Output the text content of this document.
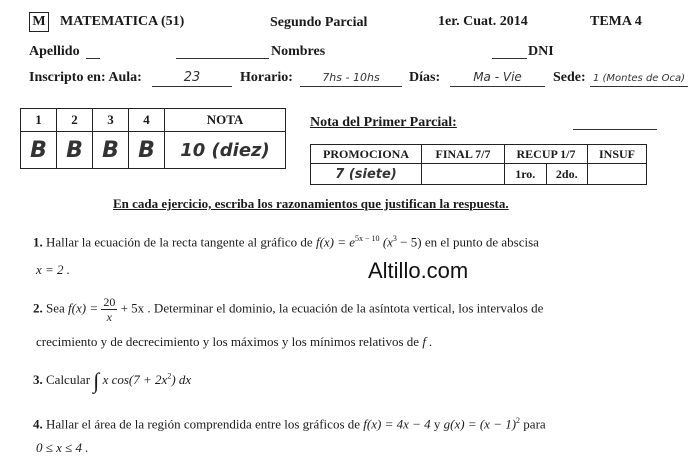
M MATEMATICA (51)	Segundo Parcial	1er. Cuat. 2014	TEMA 4
Apellido	Nombres	DNI
Inscripto en: Aula:	23	Horario:	7hs - 10hs	Días:	Ma - Vie	Sede: 1 (Montes de Oca)
1	2	3	4	NOTA
B	B	B	B	10 (diez)
Nota del Primer Parcial:
PROMOCIONA	FINAL 7/7	RECUP 1/7		INSUF
7 (siete)		1ro.	2do.	
En cada ejercicio, escriba los razonamientos que justifican la respuesta.
1. Hallar la ecuación de la recta tangente al gráfico de $f(x) = e^{5x - 10}$ $(x^3 - 5)$ en el punto de abscisa
x = 2 .	Altillo.com
2. Sea $f(x) = \frac{20}{x} + 5x$ . Determinar el dominio, la ecuación de la asíntota vertical, los intervalos de
crecimiento y de decrecimiento y los máximos y los mínimos relativos de f .
3. Calcular ∫ x $\cos(7 + 2x^2)$ dx
4. Hallar el área de la región comprendida entre los gráficos de f(x) = 4x − 4 y $g(x) = (x - 1)^2$ para
0 ≤ x ≤ 4 .
